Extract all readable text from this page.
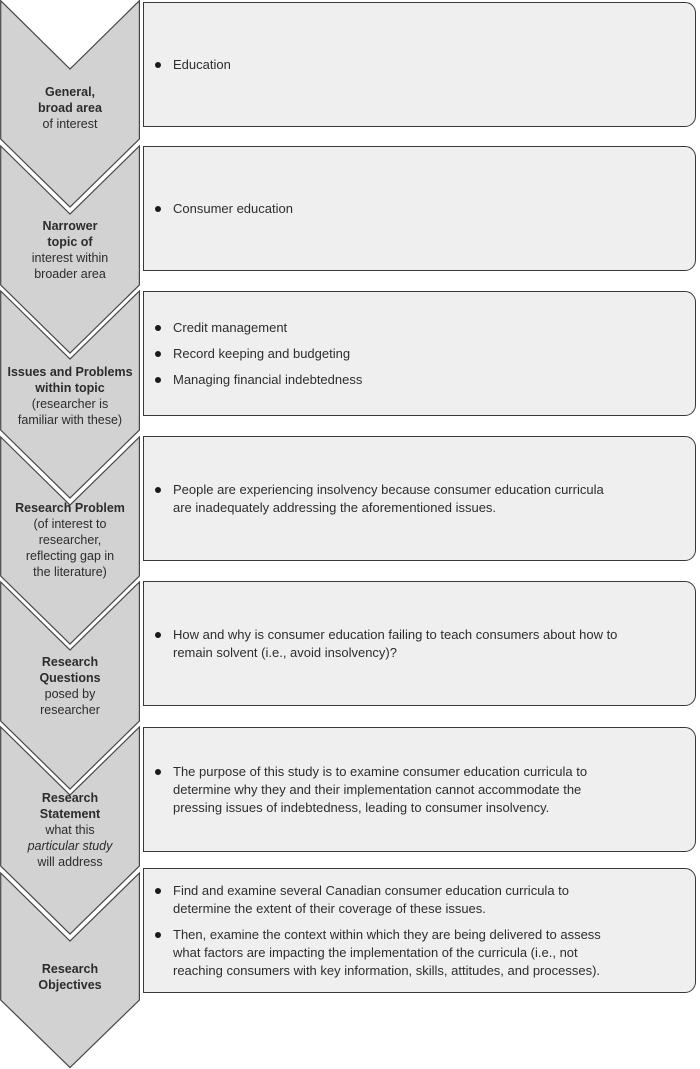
General,
broad area
of interest
Narrower
topic of
interest within
broader area
Issues and Problems
within topic
(researcher is
familiar with these)
Research Problem
(of interest to
researcher,
reflecting gap in
the literature)
Research
Questions
posed by
researcher
Research
Statement
what this
particular study
will address
Research
Objectives
Education
Consumer education
Credit management
Record keeping and budgeting
Managing financial indebtedness
People are experiencing insolvency because consumer education curricula are inadequately addressing the aforementioned issues.
How and why is consumer education failing to teach consumers about how to remain solvent (i.e., avoid insolvency)?
The purpose of this study is to examine consumer education curricula to determine why they and their implementation cannot accommodate the pressing issues of indebtedness, leading to consumer insolvency.
Find and examine several Canadian consumer education curricula to determine the extent of their coverage of these issues.
Then, examine the context within which they are being delivered to assess what factors are impacting the implementation of the curricula (i.e., not reaching consumers with key information, skills, attitudes, and processes).
